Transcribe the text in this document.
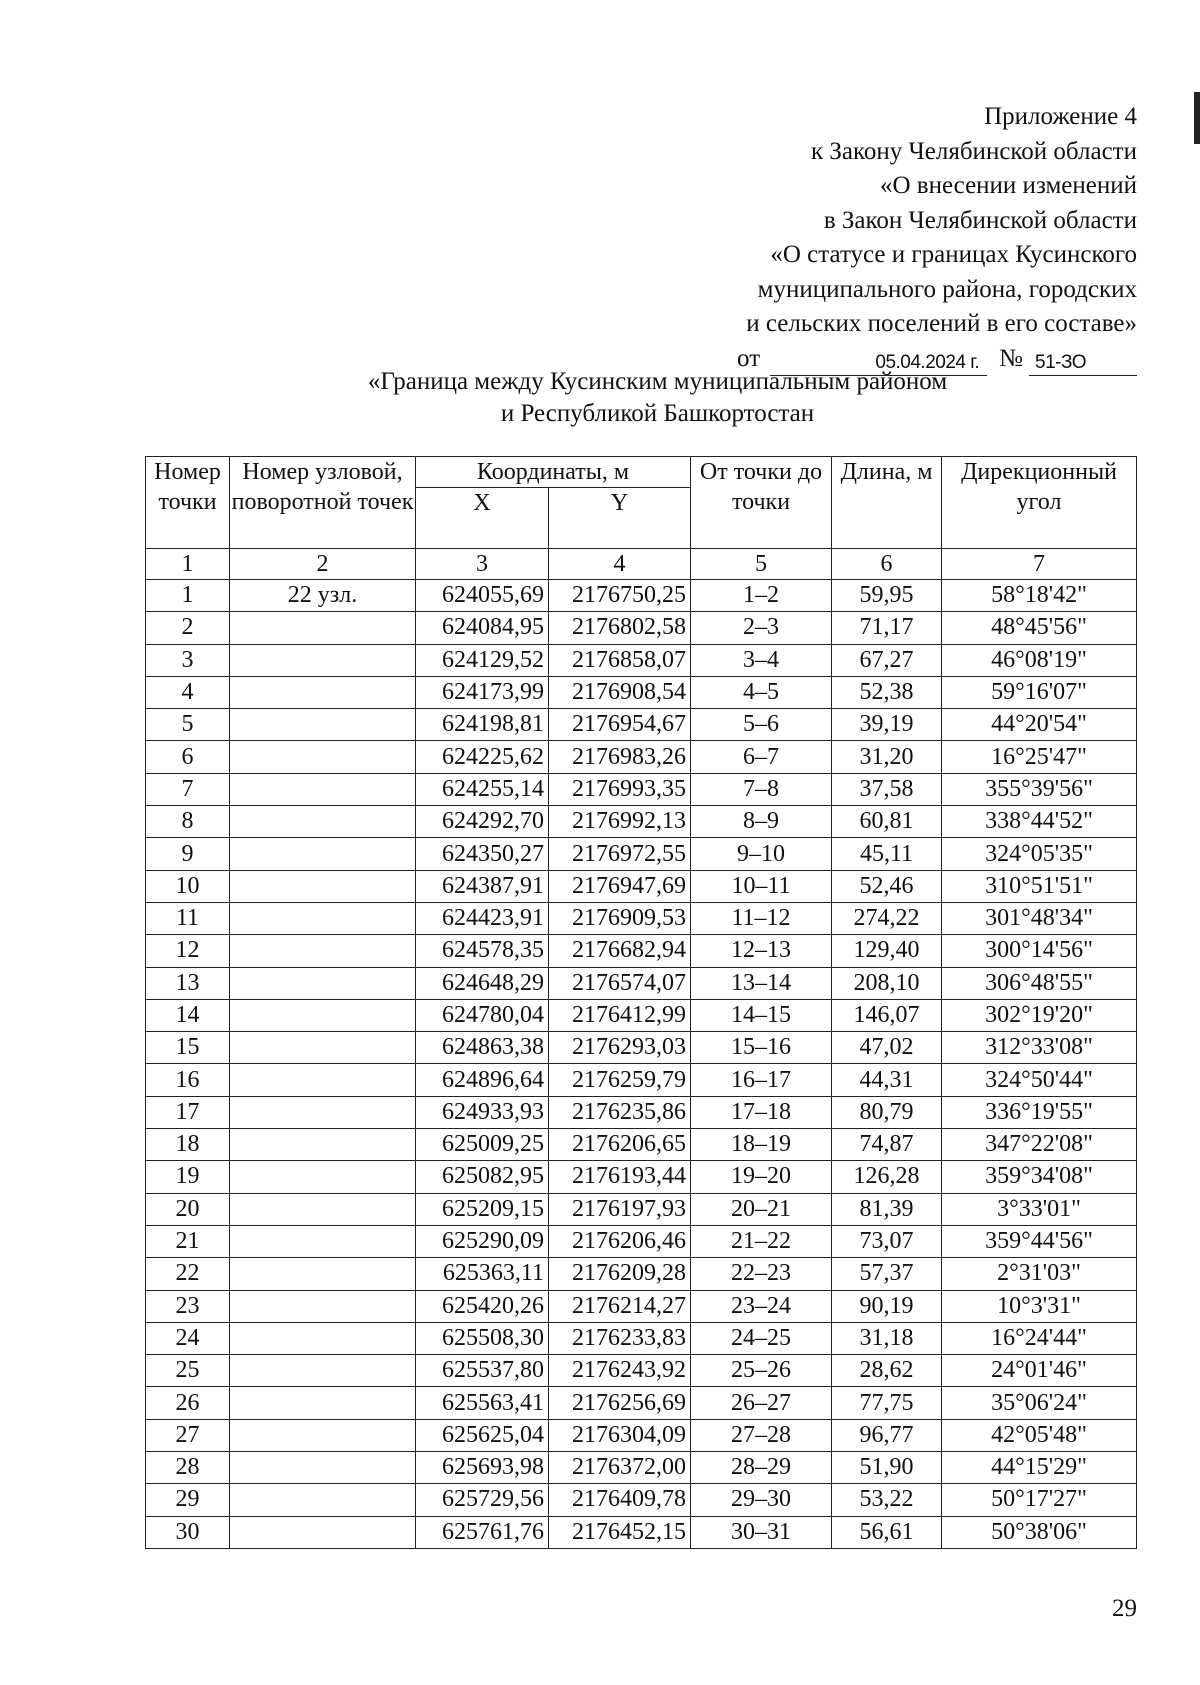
Приложение 4
к Закону Челябинской области
«О внесении изменений
в Закон Челябинской области
«О статусе и границах Кусинского
муниципального района, городских
и сельских поселений в его составе»
от	05.04.2024 г. № 51-ЗО
«Граница между Кусинским муниципальным районом
и Республикой Башкортостан
Номер точки	Номер узловой, поворотной точек	Координаты, м		От точки до точки	Длина, м	Дирекционный угол
		X	Y			
1	2	3	4	5	6	7
1	22 узл.	624055,69	2176750,25	1–2	59,95	58°18'42"
2		624084,95	2176802,58	2–3	71,17	48°45'56"
3		624129,52	2176858,07	3–4	67,27	46°08'19"
4		624173,99	2176908,54	4–5	52,38	59°16'07"
5		624198,81	2176954,67	5–6	39,19	44°20'54"
6		624225,62	2176983,26	6–7	31,20	16°25'47"
7		624255,14	2176993,35	7–8	37,58	355°39'56"
8		624292,70	2176992,13	8–9	60,81	338°44'52"
9		624350,27	2176972,55	9–10	45,11	324°05'35"
10		624387,91	2176947,69	10–11	52,46	310°51'51"
11		624423,91	2176909,53	11–12	274,22	301°48'34"
12		624578,35	2176682,94	12–13	129,40	300°14'56"
13		624648,29	2176574,07	13–14	208,10	306°48'55"
14		624780,04	2176412,99	14–15	146,07	302°19'20"
15		624863,38	2176293,03	15–16	47,02	312°33'08"
16		624896,64	2176259,79	16–17	44,31	324°50'44"
17		624933,93	2176235,86	17–18	80,79	336°19'55"
18		625009,25	2176206,65	18–19	74,87	347°22'08"
19		625082,95	2176193,44	19–20	126,28	359°34'08"
20		625209,15	2176197,93	20–21	81,39	3°33'01"
21		625290,09	2176206,46	21–22	73,07	359°44'56"
22		625363,11	2176209,28	22–23	57,37	2°31'03"
23		625420,26	2176214,27	23–24	90,19	10°3'31"
24		625508,30	2176233,83	24–25	31,18	16°24'44"
25		625537,80	2176243,92	25–26	28,62	24°01'46"
26		625563,41	2176256,69	26–27	77,75	35°06'24"
27		625625,04	2176304,09	27–28	96,77	42°05'48"
28		625693,98	2176372,00	28–29	51,90	44°15'29"
29		625729,56	2176409,78	29–30	53,22	50°17'27"
30		625761,76	2176452,15	30–31	56,61	50°38'06"
29
